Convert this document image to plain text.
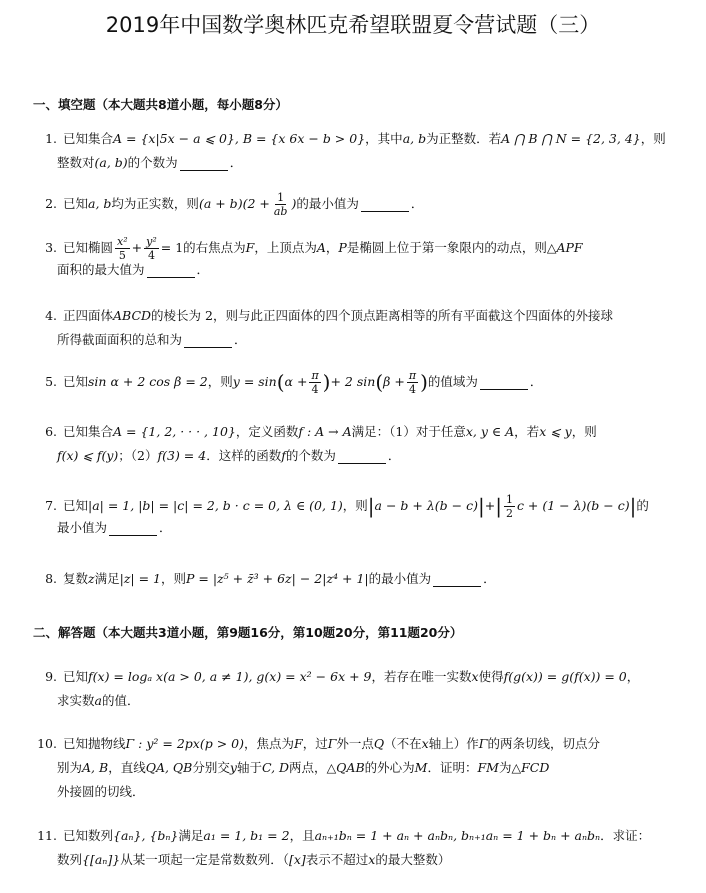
2019年中国数学奥林匹克希望联盟夏令营试题（三）
一、填空题（本大题共8道小题，每小题8分）
1. 已知集合 A = {x|5x − a ⩽ 0}, B = {x 6x − b > 0} ，其中 a, b 为正整数．若 A ⋂ B ⋂ N = {2, 3, 4} ，则
整数对 (a, b) 的个数为	．
2. 已知 a, b 均为正实数，则 $(a + b)(2 + \frac{1}{ab}$ ) 的最小值为	．
3. 已知椭圆 $\frac{\text{x²}}{5} + \frac{\text{y²}}{4} = 1$ 的右焦点为 F ，上顶点为 A ， P 是椭圆上位于第一象限内的动点，则 △APF
面积的最大值为	．
4. 正四面体 ABCD 的棱长为 2，则与此正四面体的四个顶点距离相等的所有平面截这个四面体的外接球
所得截面面积的总和为	．
5. 已知 sin α + 2 cos β = 2 ，则 y = sin ( $\alpha + \frac{\pi}{4}$ ) + 2 sin ( $\beta + \frac{\pi}{4}$ ) 的值域为	．
6. 已知集合 A = {1, 2, · · · , 10} ，定义函数 f : A → A 满足：（1）对于任意 x, y ∈ A ，若 x ⩽ y ，则
f(x) ⩽ f(y) ；（2） f(3) = 4 ．这样的函数 f 的个数为	．
7. 已知 |a| = 1, |b| = |c| = 2, b · c = 0, λ ∈ (0, 1) ，则 | a − b + λ(b − c) | + | $\frac{1}{2}$ c + (1 − λ)(b − c) | 的
最小值为	．
8. 复数 z 满足 |z| = 1 ，则 P = |z⁵ + z̄³ + 6z| − 2|z⁴ + 1| 的最小值为	．
二、解答题（本大题共3道小题，第9题16分，第10题20分，第11题20分）
9. 已知 f(x) = logₐ x(a > 0, a ≠ 1), g(x) = x² − 6x + 9 ，若存在唯一实数 x 使得 f(g(x)) = g(f(x)) = 0 ，
求实数 a 的值．
10. 已知抛物线 Γ : y² = 2px(p > 0) ，焦点为 F ，过 Γ 外一点 Q （不在 x 轴上）作 Γ 的两条切线，切点分
别为 A, B ，直线 QA, QB 分别交 y 轴于 C, D 两点， △QAB 的外心为 M ．证明： FM 为 △FCD
外接圆的切线．
11. 已知数列 {aₙ}, {bₙ} 满足 a₁ = 1, b₁ = 2 ，且 aₙ₊₁bₙ = 1 + aₙ + aₙbₙ, bₙ₊₁aₙ = 1 + bₙ + aₙbₙ ．求证：
数列 {[aₙ]} 从某一项起一定是常数数列．（ [x] 表示不超过 x 的最大整数）
